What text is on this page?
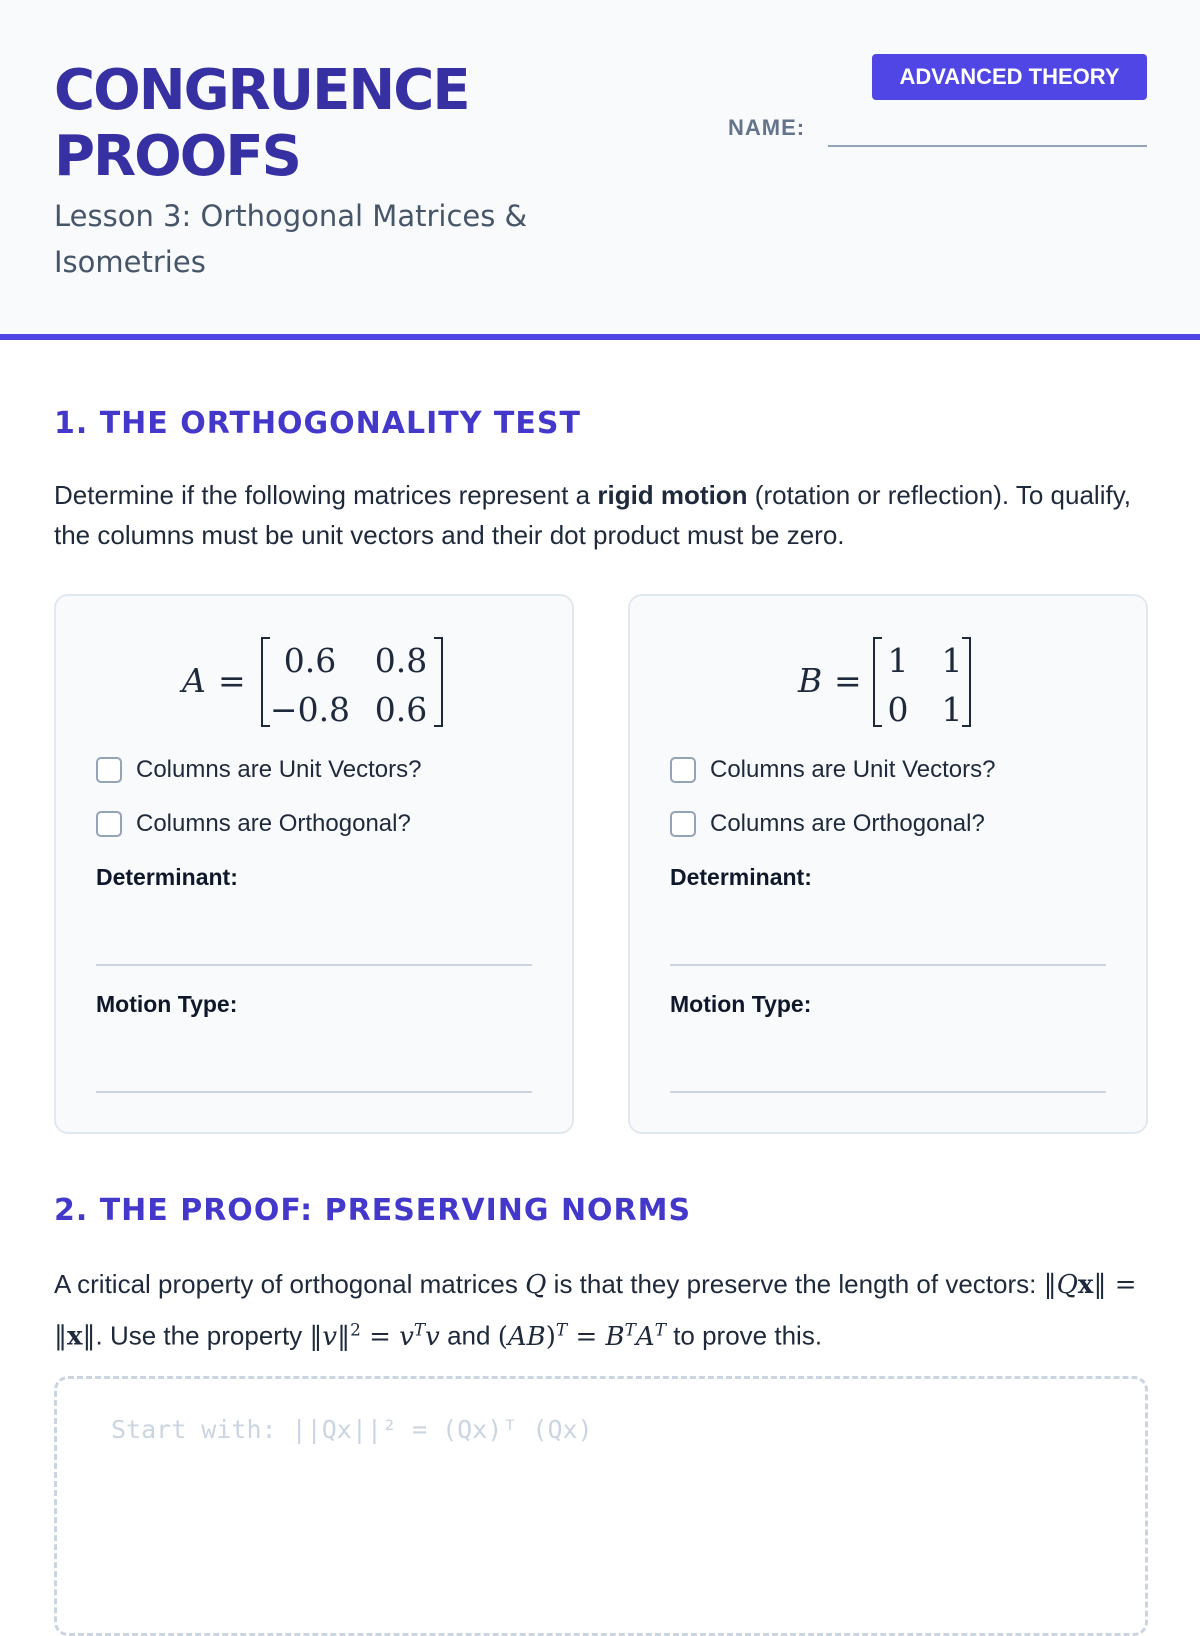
CONGRUENCE
PROOFS

Lesson 3: Orthogonal Matrices & Isometries

ADVANCED THEORY
NAME:
1. THE ORTHOGONALITY TEST

Determine if the following matrices represent a rigid motion (rotation or reflection). To qualify, the columns must be unit vectors and their dot product must be zero.

A =
0.6 0.8
−0.8 0.6
Columns are Unit Vectors?
Columns are Orthogonal?
Determinant:
Motion Type:
B =
1 1
0 1
Columns are Unit Vectors?
Columns are Orthogonal?
Determinant:
Motion Type:
2. THE PROOF: PRESERVING NORMS

A critical property of orthogonal matrices Q is that they preserve the length of vectors: ‖Qx‖ = ‖x‖. Use the property ‖v‖$^2$ = $v^Tv$ and $(AB)^T = B^TA^T$ to prove this.

Start with: ||Qx||² = (Qx)ᵀ (Qx)
